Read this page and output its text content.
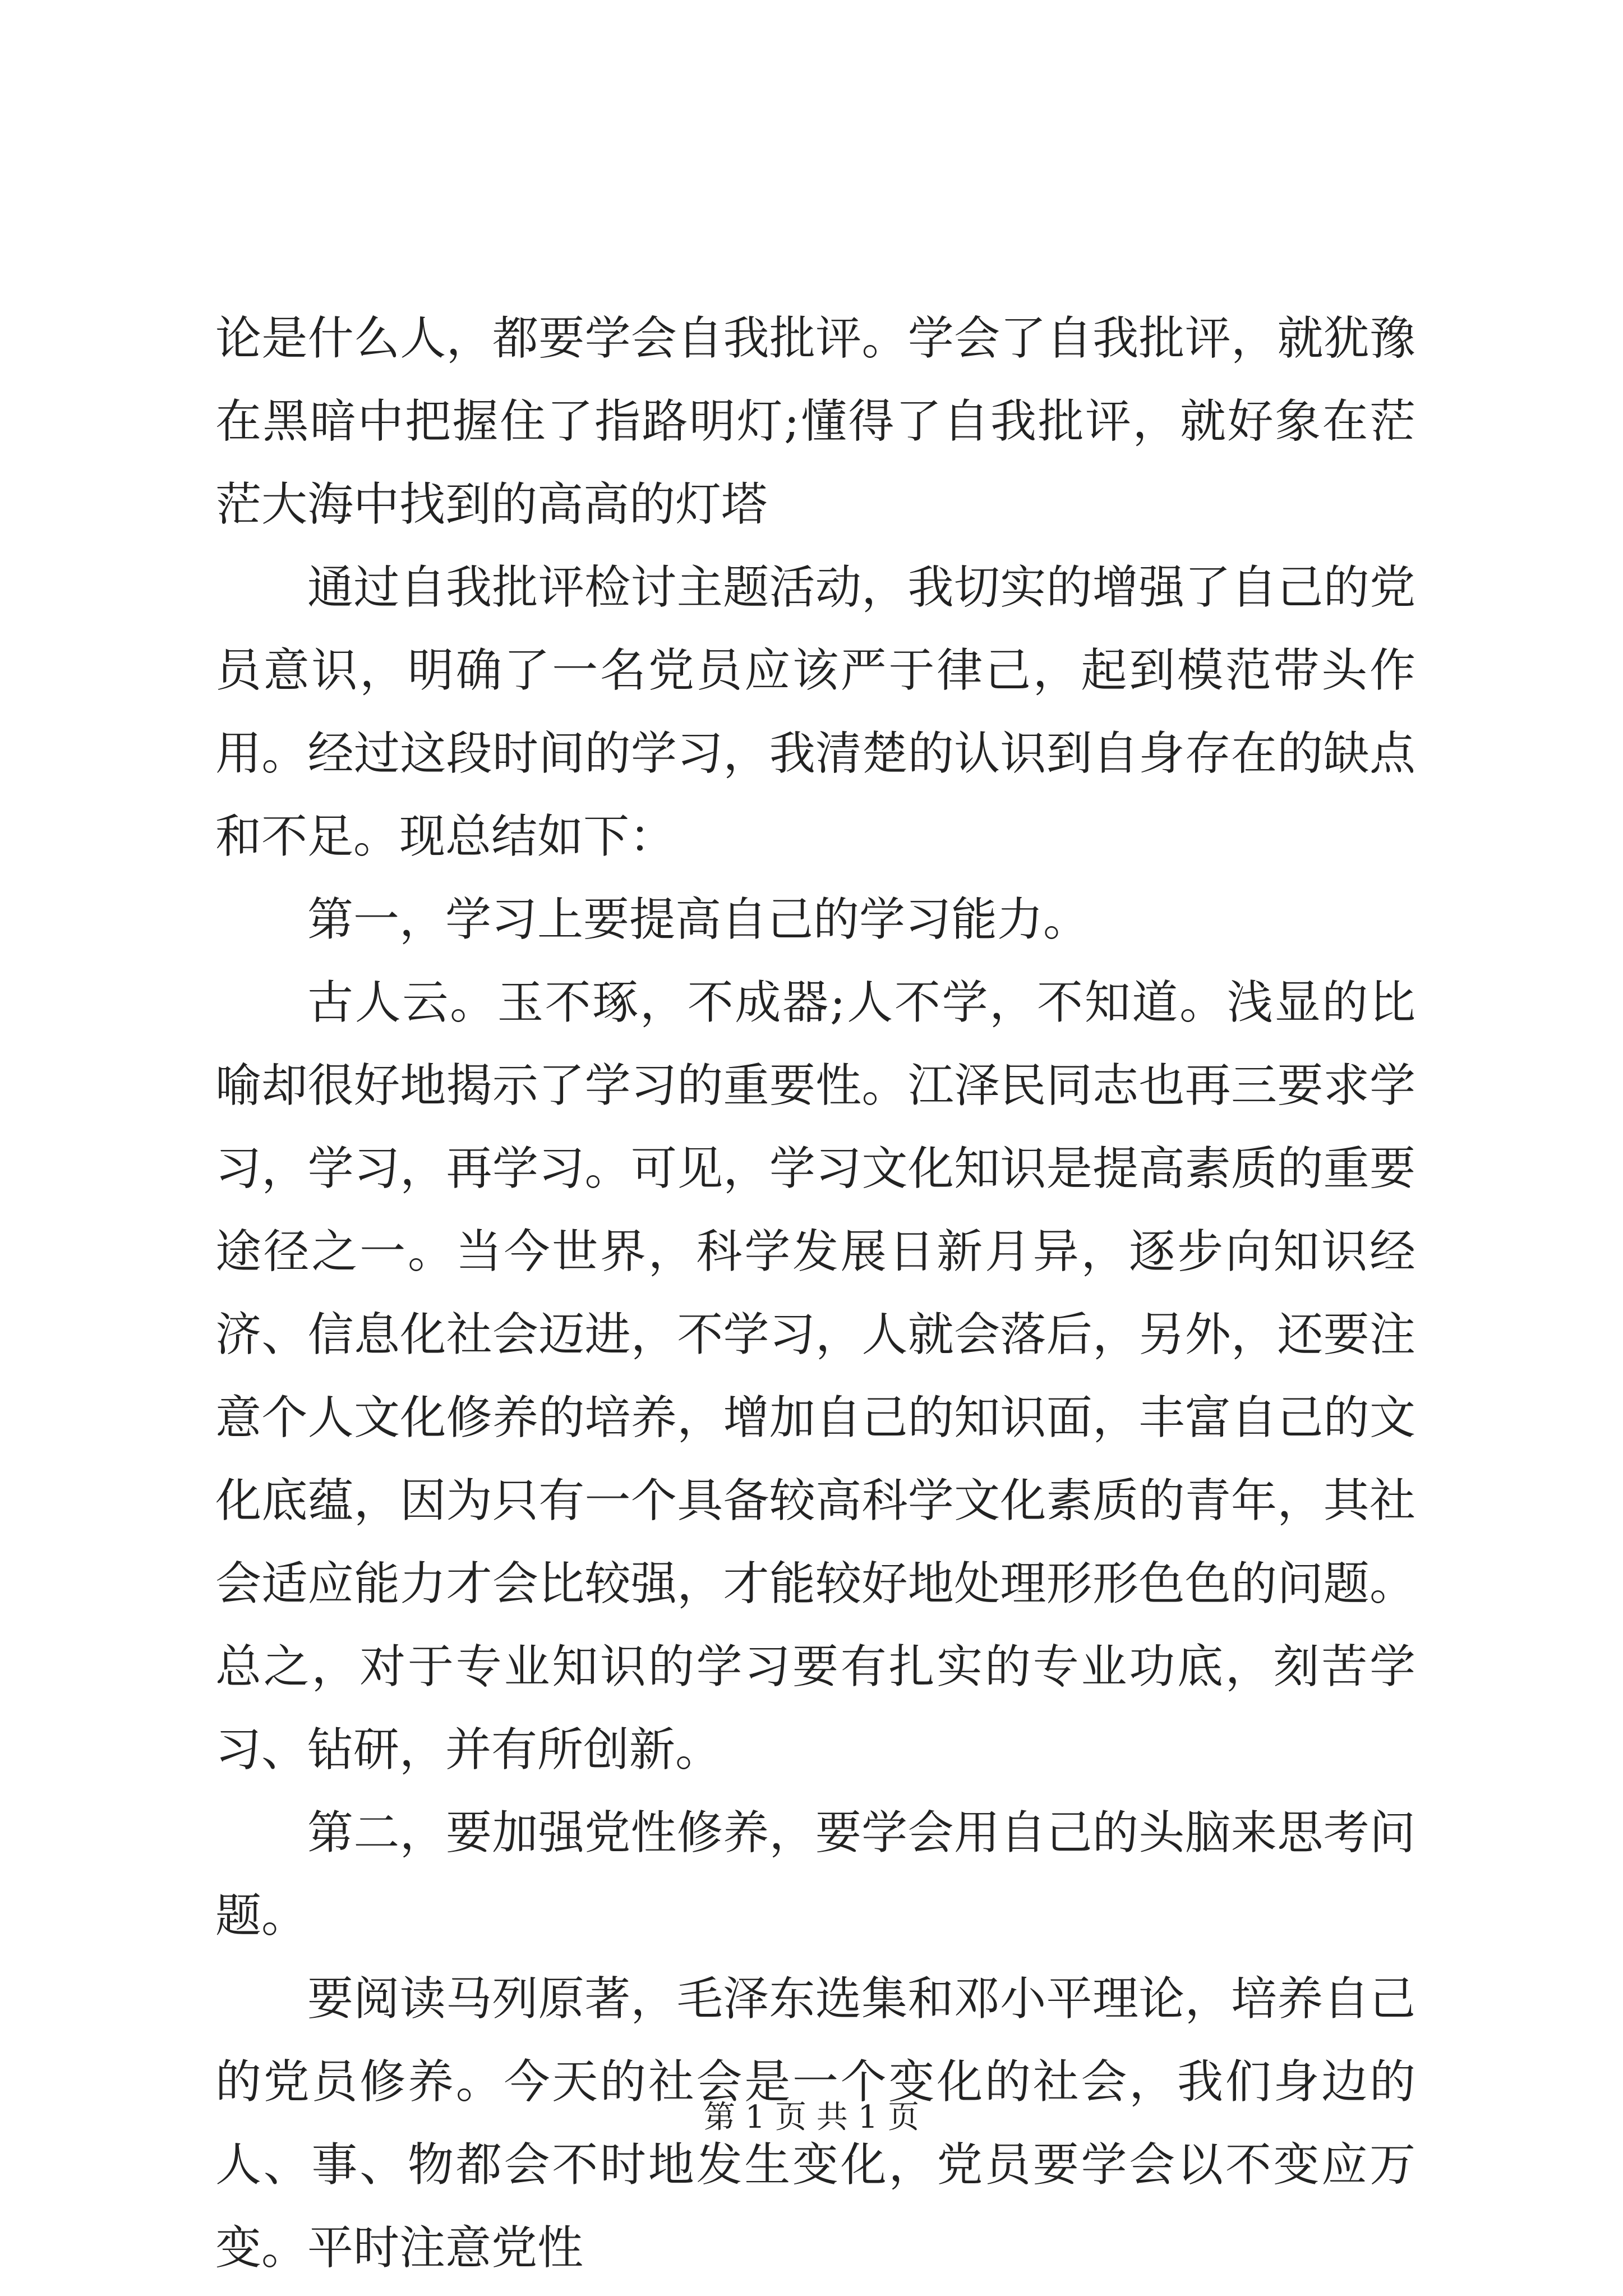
论是什么人，都要学会自我批评。学会了自我批评，就犹豫在黑暗中把握住了指路明灯;懂得了自我批评，就好象在茫茫大海中找到的高高的灯塔

通过自我批评检讨主题活动，我切实的增强了自己的党员意识，明确了一名党员应该严于律己，起到模范带头作用。经过这段时间的学习，我清楚的认识到自身存在的缺点和不足。现总结如下：

第一，学习上要提高自己的学习能力。

古人云。玉不琢，不成器;人不学，不知道。浅显的比喻却很好地揭示了学习的重要性。江泽民同志也再三要求学习，学习，再学习。可见，学习文化知识是提高素质的重要途径之一。当今世界，科学发展日新月异，逐步向知识经济、信息化社会迈进，不学习，人就会落后，另外，还要注意个人文化修养的培养，增加自己的知识面，丰富自己的文化底蕴，因为只有一个具备较高科学文化素质的青年，其社会适应能力才会比较强，才能较好地处理形形色色的问题。总之，对于专业知识的学习要有扎实的专业功底，刻苦学习、钻研，并有所创新。

第二，要加强党性修养，要学会用自己的头脑来思考问题。

要阅读马列原著，毛泽东选集和邓小平理论，培养自己的党员修养。今天的社会是一个变化的社会，我们身边的人、事、物都会不时地发生变化，党员要学会以不变应万变。平时注意党性

第 1 页 共 1 页
